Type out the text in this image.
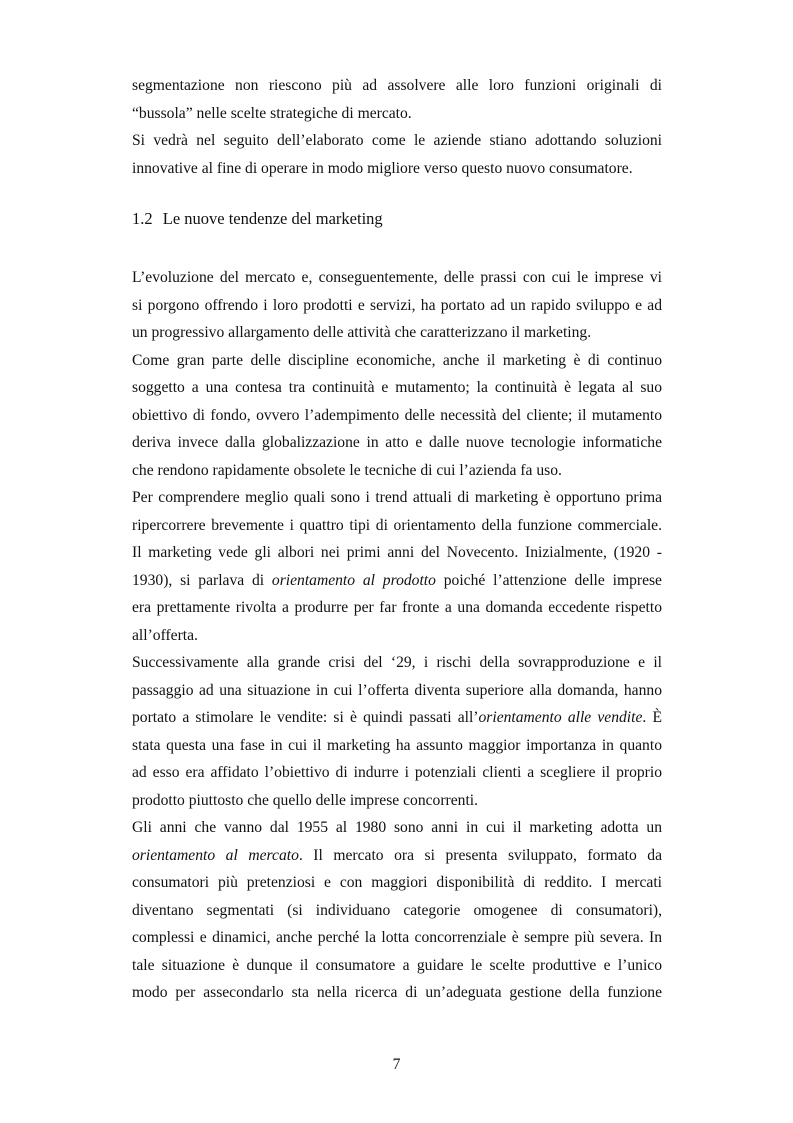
segmentazione non riescono più ad assolvere alle loro funzioni originali di
“bussola” nelle scelte strategiche di mercato.
Si vedrà nel seguito dell’elaborato come le aziende stiano adottando soluzioni
innovative al fine di operare in modo migliore verso questo nuovo consumatore.
1.2 Le nuove tendenze del marketing
L’evoluzione del mercato e, conseguentemente, delle prassi con cui le imprese vi
si porgono offrendo i loro prodotti e servizi, ha portato ad un rapido sviluppo e ad
un progressivo allargamento delle attività che caratterizzano il marketing.
Come gran parte delle discipline economiche, anche il marketing è di continuo
soggetto a una contesa tra continuità e mutamento; la continuità è legata al suo
obiettivo di fondo, ovvero l’adempimento delle necessità del cliente; il mutamento
deriva invece dalla globalizzazione in atto e dalle nuove tecnologie informatiche
che rendono rapidamente obsolete le tecniche di cui l’azienda fa uso.
Per comprendere meglio quali sono i trend attuali di marketing è opportuno prima
ripercorrere brevemente i quattro tipi di orientamento della funzione commerciale.
Il marketing vede gli albori nei primi anni del Novecento. Inizialmente, (1920 -
1930), si parlava di orientamento al prodotto poiché l’attenzione delle imprese
era prettamente rivolta a produrre per far fronte a una domanda eccedente rispetto
all’offerta.
Successivamente alla grande crisi del ‘29, i rischi della sovrapproduzione e il
passaggio ad una situazione in cui l’offerta diventa superiore alla domanda, hanno
portato a stimolare le vendite: si è quindi passati all’orientamento alle vendite. È
stata questa una fase in cui il marketing ha assunto maggior importanza in quanto
ad esso era affidato l’obiettivo di indurre i potenziali clienti a scegliere il proprio
prodotto piuttosto che quello delle imprese concorrenti.
Gli anni che vanno dal 1955 al 1980 sono anni in cui il marketing adotta un
orientamento al mercato. Il mercato ora si presenta sviluppato, formato da
consumatori più pretenziosi e con maggiori disponibilità di reddito. I mercati
diventano segmentati (si individuano categorie omogenee di consumatori),
complessi e dinamici, anche perché la lotta concorrenziale è sempre più severa. In
tale situazione è dunque il consumatore a guidare le scelte produttive e l’unico
modo per assecondarlo sta nella ricerca di un’adeguata gestione della funzione
7
